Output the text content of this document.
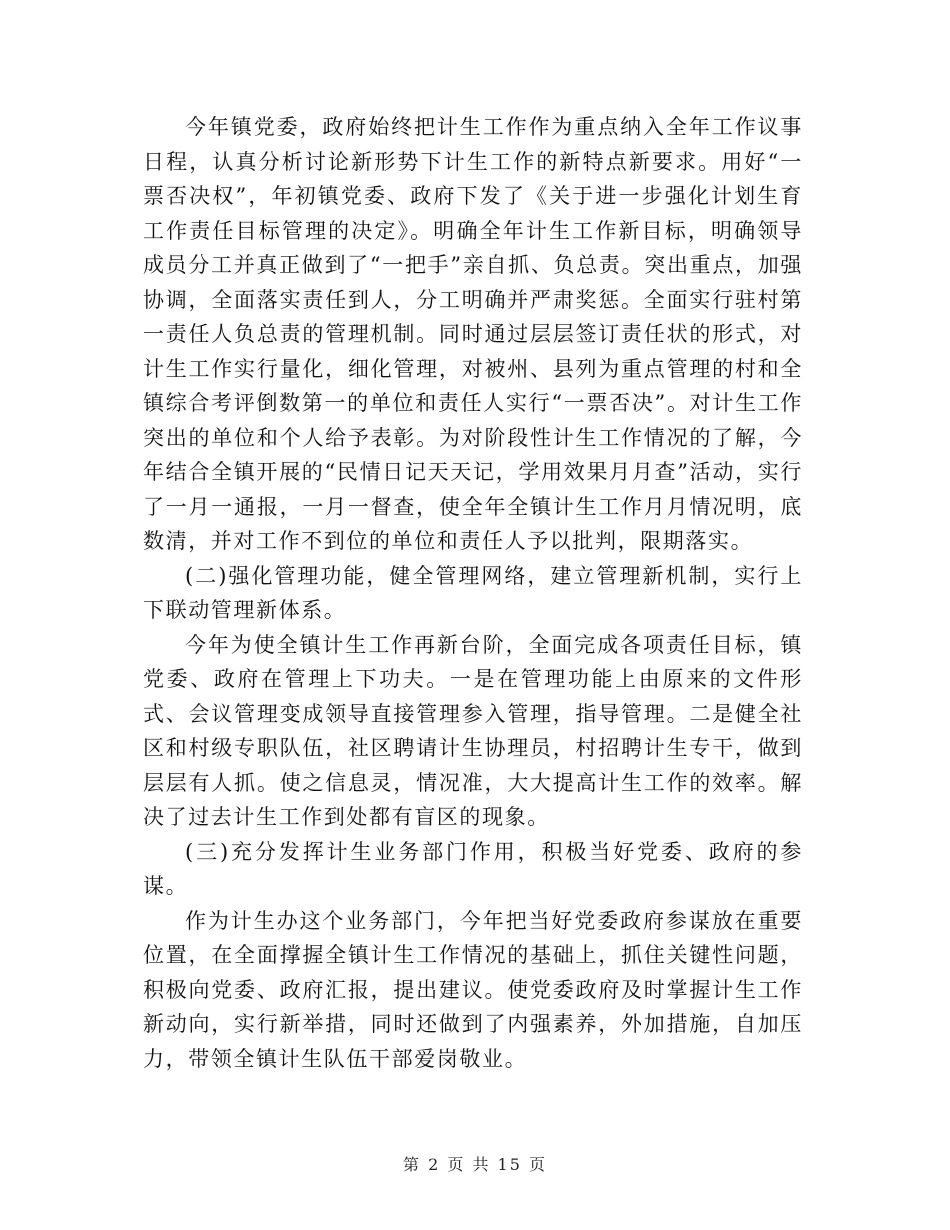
今年镇党委，政府始终把计生工作作为重点纳入全年工作议事日程，认真分析讨论新形势下计生工作的新特点新要求。用好“一票否决权”，年初镇党委、政府下发了《关于进一步强化计划生育工作责任目标管理的决定》。明确全年计生工作新目标，明确领导成员分工并真正做到了“一把手”亲自抓、负总责。突出重点，加强协调，全面落实责任到人，分工明确并严肃奖惩。全面实行驻村第一责任人负总责的管理机制。同时通过层层签订责任状的形式，对计生工作实行量化，细化管理，对被州、县列为重点管理的村和全镇综合考评倒数第一的单位和责任人实行“一票否决”。对计生工作突出的单位和个人给予表彰。为对阶段性计生工作情况的了解，今年结合全镇开展的“民情日记天天记，学用效果月月查”活动，实行了一月一通报，一月一督查，使全年全镇计生工作月月情况明，底数清，并对工作不到位的单位和责任人予以批判，限期落实。

(二)强化管理功能，健全管理网络，建立管理新机制，实行上下联动管理新体系。

今年为使全镇计生工作再新台阶，全面完成各项责任目标，镇党委、政府在管理上下功夫。一是在管理功能上由原来的文件形式、会议管理变成领导直接管理参入管理，指导管理。二是健全社区和村级专职队伍，社区聘请计生协理员，村招聘计生专干，做到层层有人抓。使之信息灵，情况准，大大提高计生工作的效率。解决了过去计生工作到处都有盲区的现象。

(三)充分发挥计生业务部门作用，积极当好党委、政府的参谋。

作为计生办这个业务部门，今年把当好党委政府参谋放在重要位置，在全面撑握全镇计生工作情况的基础上，抓住关键性问题，积极向党委、政府汇报，提出建议。使党委政府及时掌握计生工作新动向，实行新举措，同时还做到了内强素养，外加措施，自加压力，带领全镇计生队伍干部爱岗敬业。

第 2 页 共 15 页
